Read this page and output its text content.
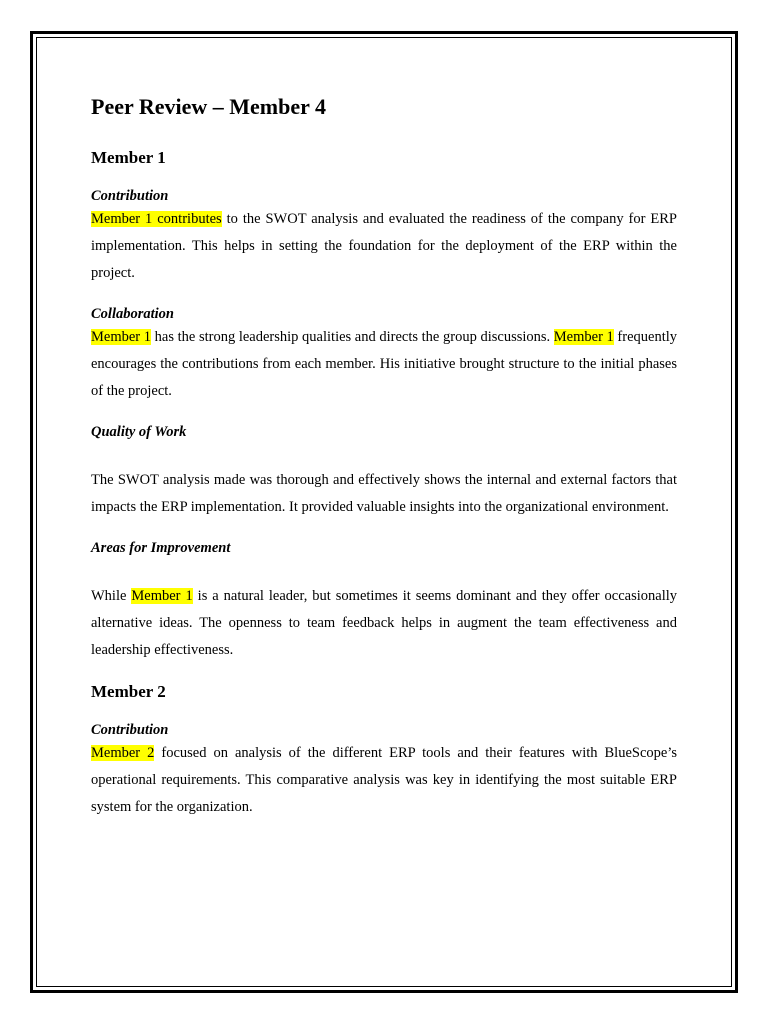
Peer Review – Member 4
Member 1
Contribution

Member 1 contributes to the SWOT analysis and evaluated the readiness of the company for ERP implementation. This helps in setting the foundation for the deployment of the ERP within the project.

Collaboration

Member 1 has the strong leadership qualities and directs the group discussions. Member 1 frequently encourages the contributions from each member. His initiative brought structure to the initial phases of the project.

Quality of Work

The SWOT analysis made was thorough and effectively shows the internal and external factors that impacts the ERP implementation. It provided valuable insights into the organizational environment.

Areas for Improvement

While Member 1 is a natural leader, but sometimes it seems dominant and they offer occasionally alternative ideas. The openness to team feedback helps in augment the team effectiveness and leadership effectiveness.

Member 2
Contribution

Member 2 focused on analysis of the different ERP tools and their features with BlueScope’s operational requirements. This comparative analysis was key in identifying the most suitable ERP system for the organization.
